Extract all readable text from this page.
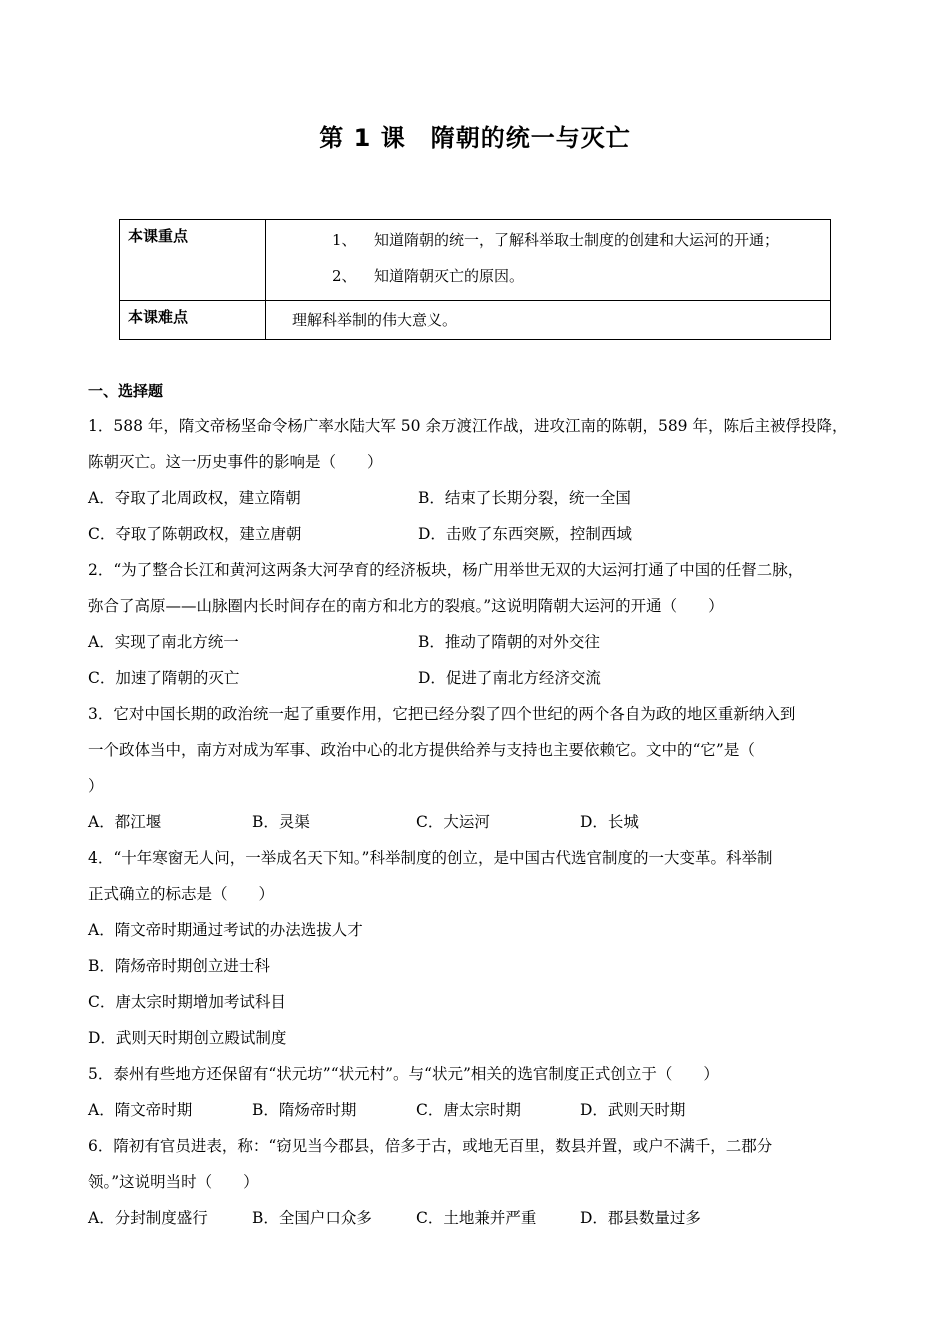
第 1 课　隋朝的统一与灭亡
本课重点	1、 知道隋朝的统一，了解科举取士制度的创建和大运河的开通；
2、 知道隋朝灭亡的原因。

本课难点	理解科举制的伟大意义。
一、选择题
1．588 年，隋文帝杨坚命令杨广率水陆大军 50 余万渡江作战，进攻江南的陈朝，589 年，陈后主被俘投降，
陈朝灭亡。这一历史事件的影响是（　　）
A．夺取了北周政权，建立隋朝	B．结束了长期分裂，统一全国
C．夺取了陈朝政权，建立唐朝	D．击败了东西突厥，控制西域
2．“为了整合长江和黄河这两条大河孕育的经济板块，杨广用举世无双的大运河打通了中国的任督二脉，
弥合了高原——山脉圈内长时间存在的南方和北方的裂痕。”这说明隋朝大运河的开通（　　）
A．实现了南北方统一	B．推动了隋朝的对外交往
C．加速了隋朝的灭亡	D．促进了南北方经济交流
3．它对中国长期的政治统一起了重要作用，它把已经分裂了四个世纪的两个各自为政的地区重新纳入到
一个政体当中，南方对成为军事、政治中心的北方提供给养与支持也主要依赖它。文中的“它”是（
）
A．都江堰	B．灵渠	C．大运河	D．长城
4．“十年寒窗无人问，一举成名天下知。”科举制度的创立，是中国古代选官制度的一大变革。科举制
正式确立的标志是（　　）
A．隋文帝时期通过考试的办法选拔人才
B．隋炀帝时期创立进士科
C．唐太宗时期增加考试科目
D．武则天时期创立殿试制度
5．泰州有些地方还保留有“状元坊”“状元村”。与“状元”相关的选官制度正式创立于（　　）
A．隋文帝时期	B．隋炀帝时期	C．唐太宗时期	D．武则天时期
6．隋初有官员进表，称：“窃见当今郡县，倍多于古，或地无百里，数县并置，或户不满千，二郡分
领。”这说明当时（　　）
A．分封制度盛行	B．全国户口众多	C．土地兼并严重	D．郡县数量过多
